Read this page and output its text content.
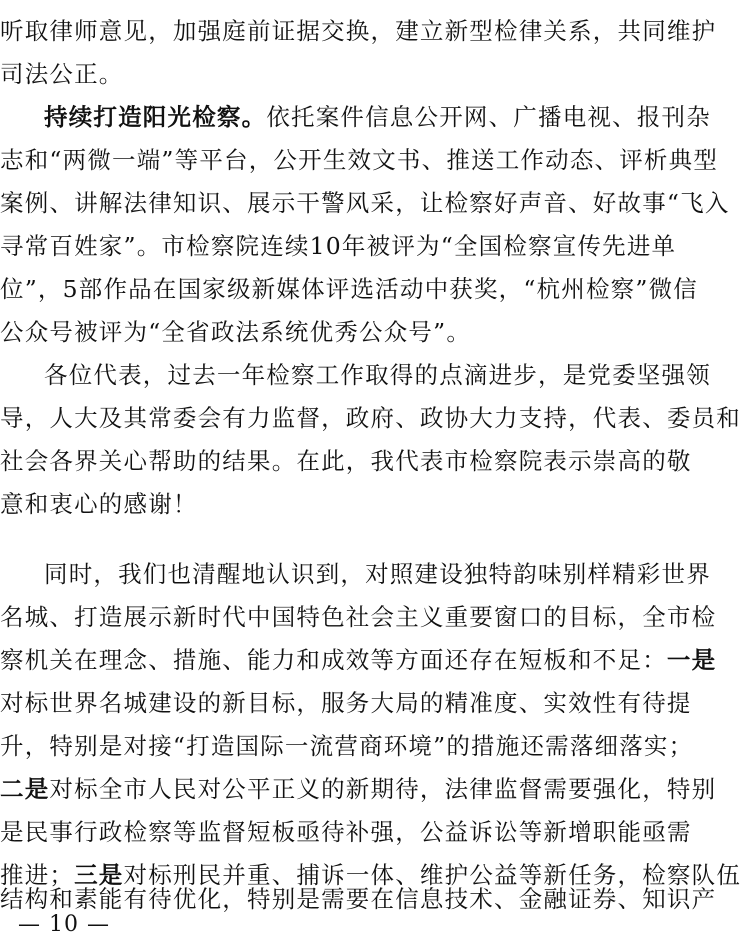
听取律师意见，加强庭前证据交换，建立新型检律关系，共同维护
司法公正。
持续打造阳光检察。依托案件信息公开网、广播电视、报刊杂
志和“两微一端”等平台，公开生效文书、推送工作动态、评析典型
案例、讲解法律知识、展示干警风采，让检察好声音、好故事“飞入
寻常百姓家”。市检察院连续10年被评为“全国检察宣传先进单
位”，5部作品在国家级新媒体评选活动中获奖，“杭州检察”微信
公众号被评为“全省政法系统优秀公众号”。
各位代表，过去一年检察工作取得的点滴进步，是党委坚强领
导，人大及其常委会有力监督，政府、政协大力支持，代表、委员和
社会各界关心帮助的结果。在此，我代表市检察院表示崇高的敬
意和衷心的感谢！
同时，我们也清醒地认识到，对照建设独特韵味别样精彩世界
名城、打造展示新时代中国特色社会主义重要窗口的目标，全市检
察机关在理念、措施、能力和成效等方面还存在短板和不足：一是
对标世界名城建设的新目标，服务大局的精准度、实效性有待提
升，特别是对接“打造国际一流营商环境”的措施还需落细落实；
二是对标全市人民对公平正义的新期待，法律监督需要强化，特别
是民事行政检察等监督短板亟待补强，公益诉讼等新增职能亟需
推进；三是对标刑民并重、捕诉一体、维护公益等新任务，检察队伍
结构和素能有待优化，特别是需要在信息技术、金融证券、知识产
— 10 —
